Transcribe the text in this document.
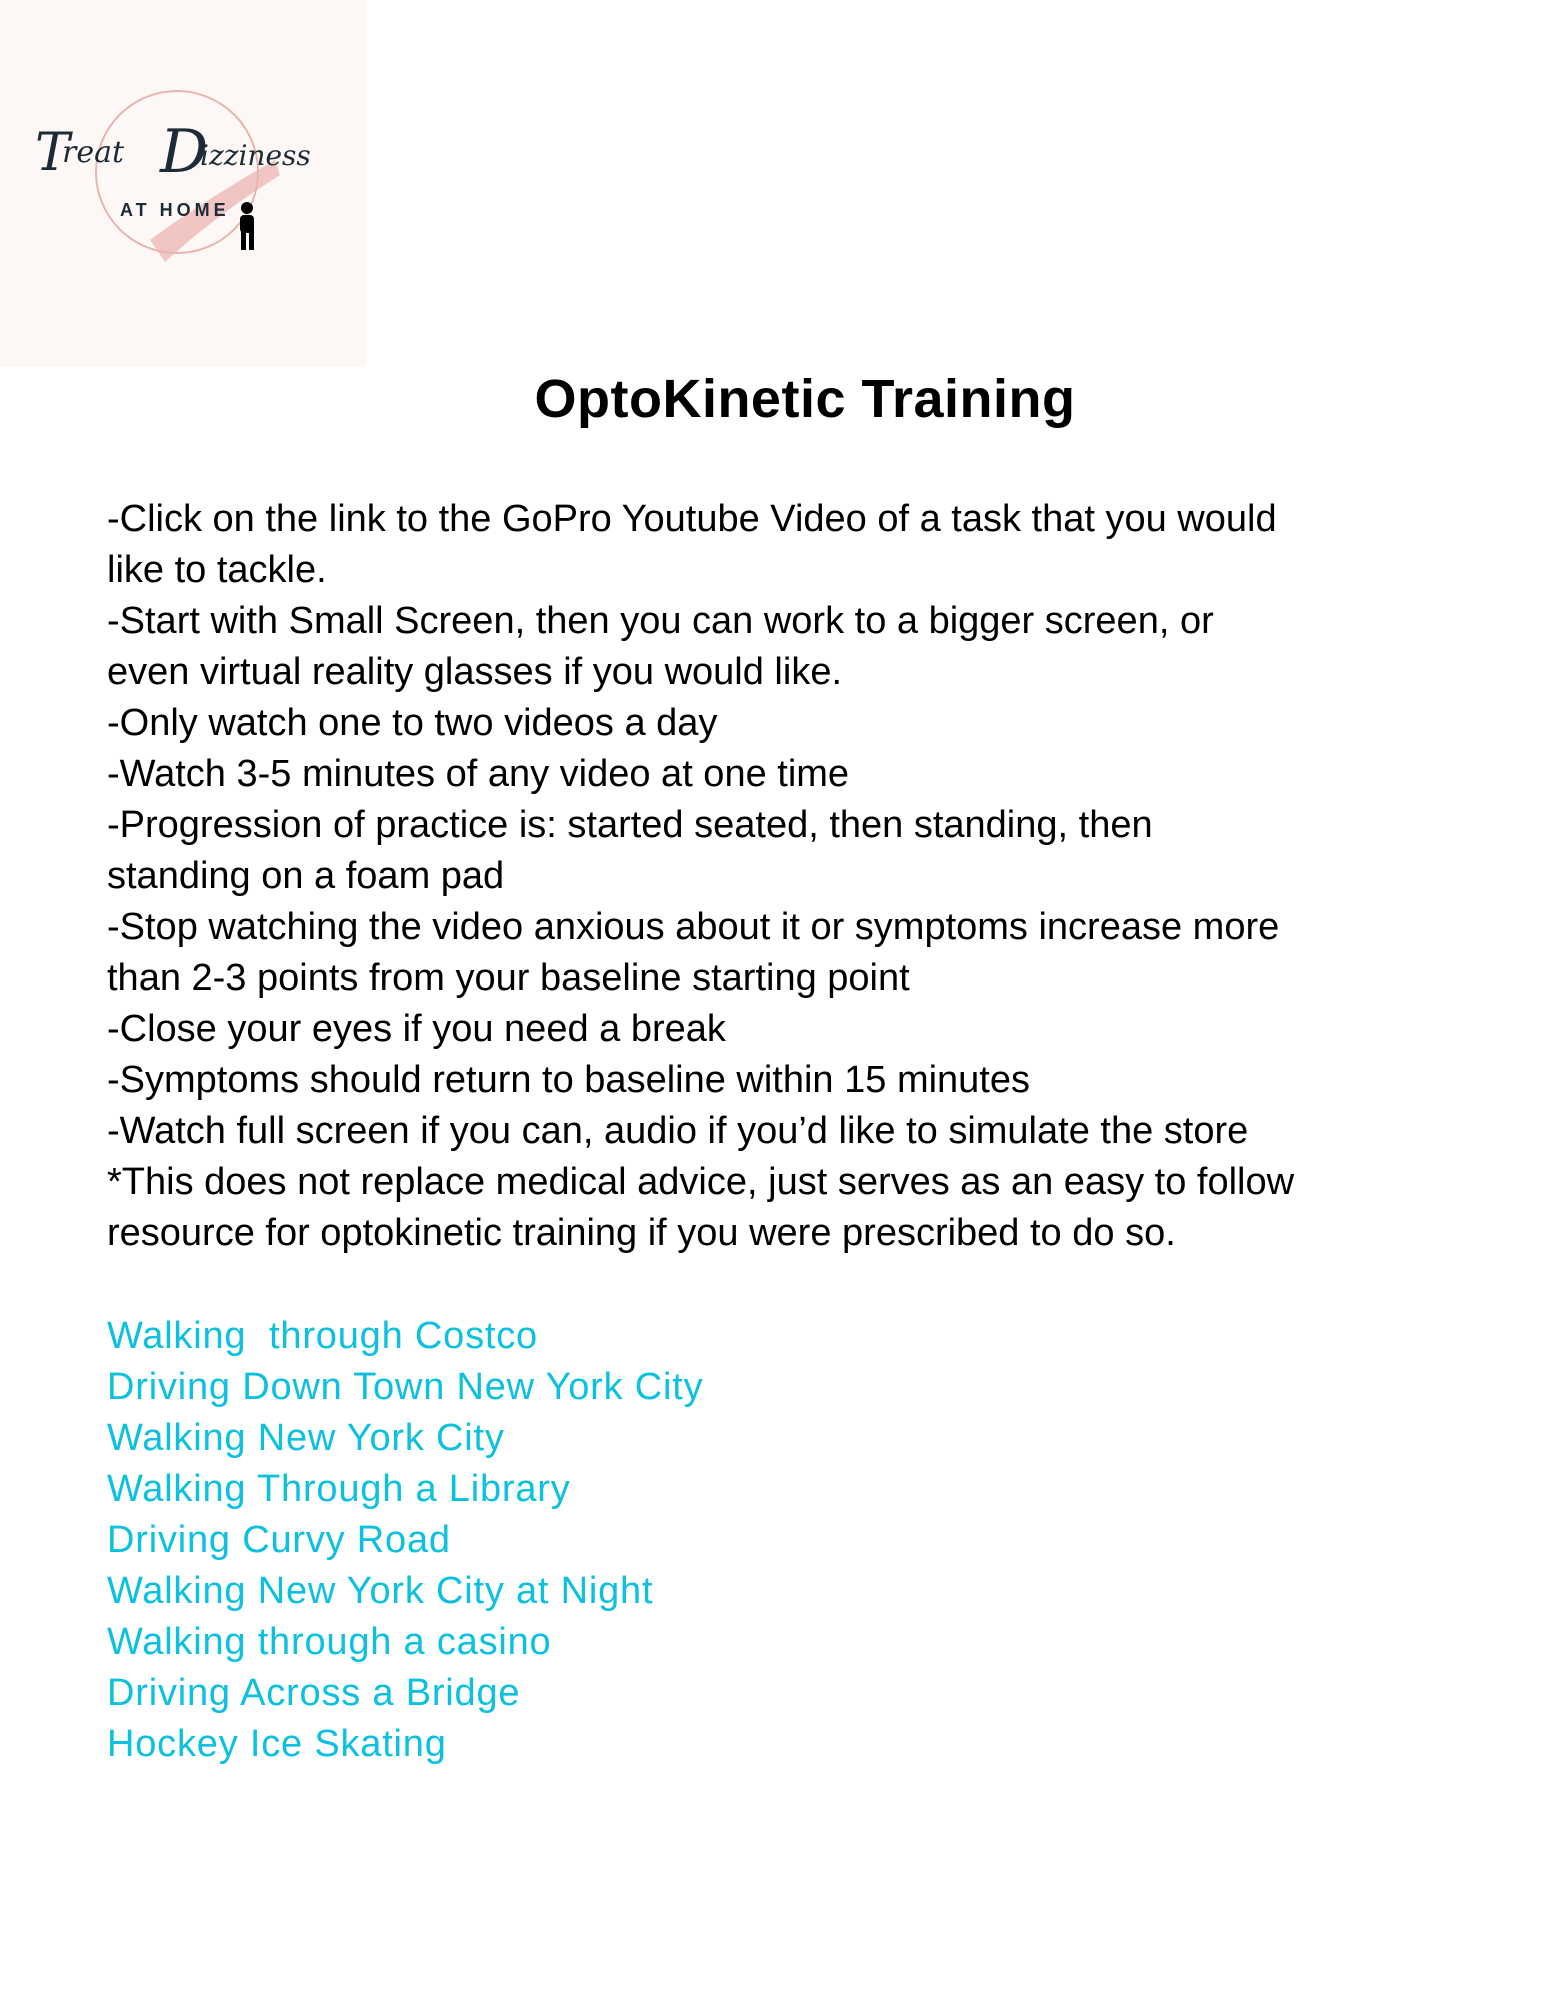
T
reat D
izziness
AT HOME
OptoKinetic Training
-Click on the link to the GoPro Youtube Video of a task that you would
like to tackle.
-Start with Small Screen, then you can work to a bigger screen, or
even virtual reality glasses if you would like.
-Only watch one to two videos a day
-Watch 3-5 minutes of any video at one time
-Progression of practice is: started seated, then standing, then
standing on a foam pad
-Stop watching the video anxious about it or symptoms increase more
than 2-3 points from your baseline starting point
-Close your eyes if you need a break
-Symptoms should return to baseline within 15 minutes
-Watch full screen if you can, audio if you’d like to simulate the store
*This does not replace medical advice, just serves as an easy to follow
resource for optokinetic training if you were prescribed to do so.
Walking  through Costco
Driving Down Town New York City
Walking New York City
Walking Through a Library
Driving Curvy Road
Walking New York City at Night
Walking through a casino
Driving Across a Bridge
Hockey Ice Skating
